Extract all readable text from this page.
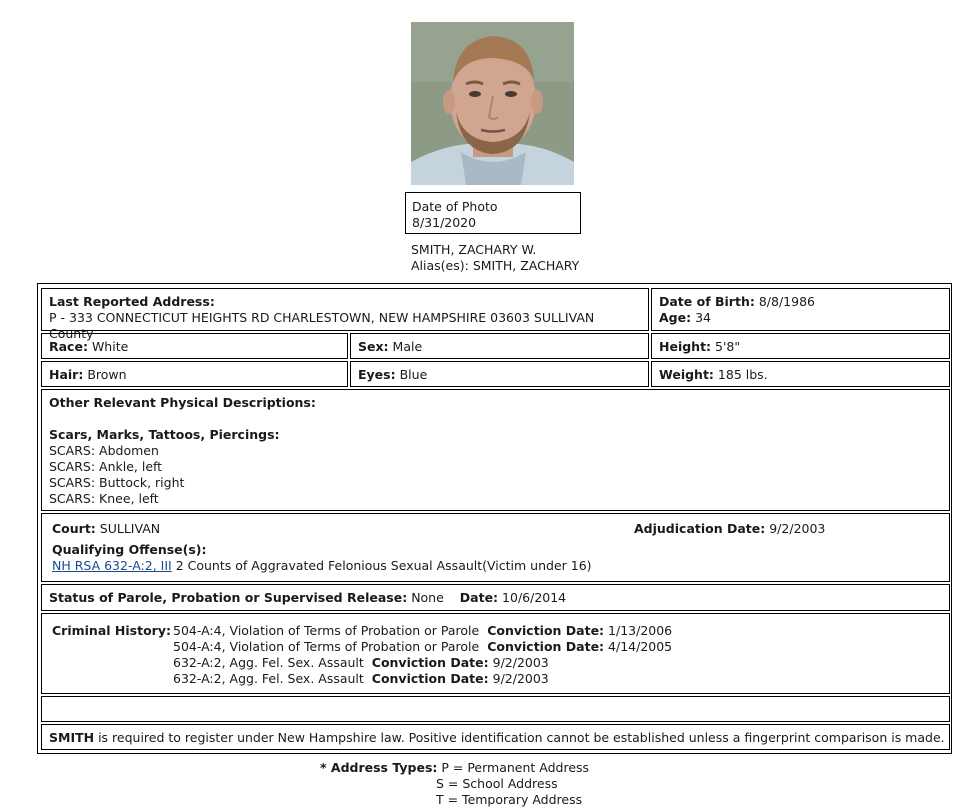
Date of Photo
8/31/2020
SMITH, ZACHARY W.
Alias(es): SMITH, ZACHARY
Last Reported Address:
P - 333 CONNECTICUT HEIGHTS RD CHARLESTOWN, NEW HAMPSHIRE 03603 SULLIVAN County
Date of Birth: 8/8/1986
Age: 34
Race: White	Sex: Male	Height: 5'8"
Hair: Brown	Eyes: Blue	Weight: 185 lbs.
Other Relevant Physical Descriptions:
Scars, Marks, Tattoos, Piercings:
SCARS: Abdomen
SCARS: Ankle, left
SCARS: Buttock, right
SCARS: Knee, left
Court: SULLIVAN	Adjudication Date: 9/2/2003
Qualifying Offense(s):
NH RSA 632-A:2, III 2 Counts of Aggravated Felonious Sexual Assault(Victim under 16)
Status of Parole, Probation or Supervised Release: None Date: 10/6/2014
Criminal History: 504-A:4, Violation of Terms of Probation or Parole Conviction Date: 1/13/2006
504-A:4, Violation of Terms of Probation or Parole Conviction Date: 4/14/2005
632-A:2, Agg. Fel. Sex. Assault Conviction Date: 9/2/2003
632-A:2, Agg. Fel. Sex. Assault Conviction Date: 9/2/2003
SMITH is required to register under New Hampshire law. Positive identification cannot be established unless a fingerprint comparison is made.
* Address Types: P = Permanent Address
S = School Address
T = Temporary Address
